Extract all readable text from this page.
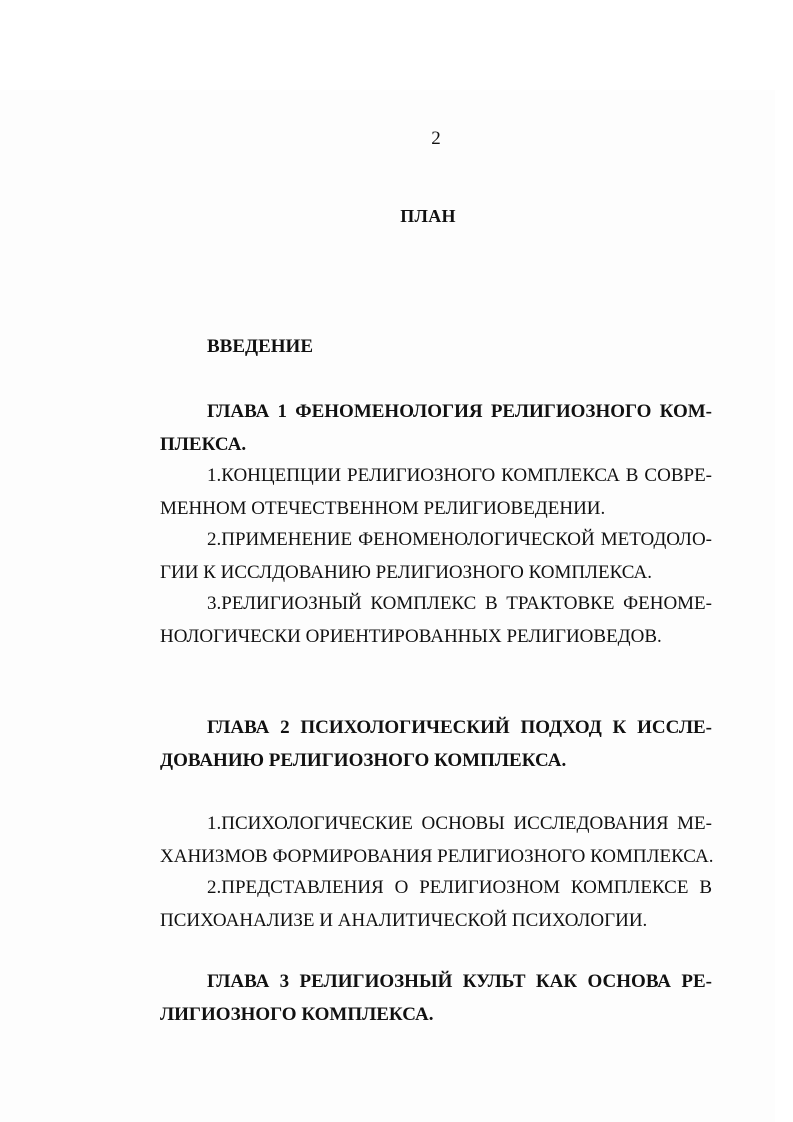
2
ПЛАН
ВВЕДЕНИЕ
ГЛАВА 1 ФЕНОМЕНОЛОГИЯ РЕЛИГИОЗНОГО КОМ-
ПЛЕКСА.
1.КОНЦЕПЦИИ РЕЛИГИОЗНОГО КОМПЛЕКСА В СОВРЕ-
МЕННОМ ОТЕЧЕСТВЕННОМ РЕЛИГИОВЕДЕНИИ.
2.ПРИМЕНЕНИЕ ФЕНОМЕНОЛОГИЧЕСКОЙ МЕТОДОЛО-
ГИИ К ИССЛДОВАНИЮ РЕЛИГИОЗНОГО КОМПЛЕКСА.
3.РЕЛИГИОЗНЫЙ КОМПЛЕКС В ТРАКТОВКЕ ФЕНОМЕ-
НОЛОГИЧЕСКИ ОРИЕНТИРОВАННЫХ РЕЛИГИОВЕДОВ.
ГЛАВА 2 ПСИХОЛОГИЧЕСКИЙ ПОДХОД К ИССЛЕ-
ДОВАНИЮ РЕЛИГИОЗНОГО КОМПЛЕКСА.
1.ПСИХОЛОГИЧЕСКИЕ ОСНОВЫ ИССЛЕДОВАНИЯ МЕ-
ХАНИЗМОВ ФОРМИРОВАНИЯ РЕЛИГИОЗНОГО КОМПЛЕКСА.
2.ПРЕДСТАВЛЕНИЯ О РЕЛИГИОЗНОМ КОМПЛЕКСЕ В
ПСИХОАНАЛИЗЕ И АНАЛИТИЧЕСКОЙ ПСИХОЛОГИИ.
ГЛАВА 3 РЕЛИГИОЗНЫЙ КУЛЬТ КАК ОСНОВА РЕ-
ЛИГИОЗНОГО КОМПЛЕКСА.
